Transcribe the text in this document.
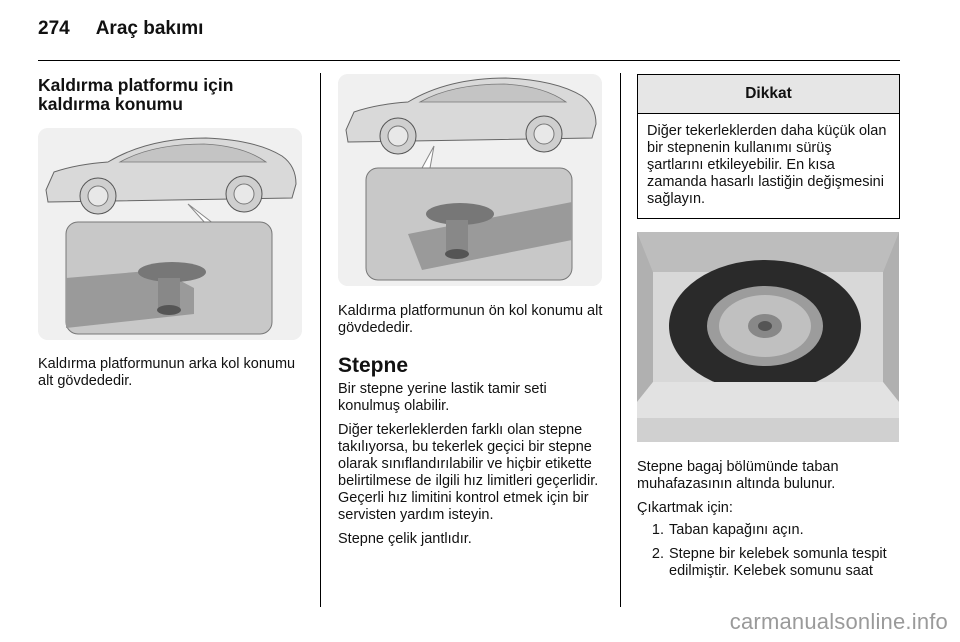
274 Araç bakımı
Kaldırma platformu için kaldırma konumu

Kaldırma platformunun arka kol konumu alt gövdededir.

Kaldırma platformunun ön kol konumu alt gövdededir.

Stepne

Bir stepne yerine lastik tamir seti konulmuş olabilir.

Diğer tekerleklerden farklı olan stepne takılıyorsa, bu tekerlek geçici bir stepne olarak sınıflandırılabilir ve hiçbir etikette belirtilmese de ilgili hız limitleri geçerlidir. Geçerli hız limitini kontrol etmek için bir servisten yardım isteyin.

Stepne çelik jantlıdır.

Dikkat
Diğer tekerleklerden daha küçük olan bir stepnenin kullanımı sürüş şartlarını etkileyebilir. En kısa zamanda hasarlı lastiğin değişmesini sağlayın.

Stepne bagaj bölümünde taban muhafazasının altında bulunur.

Çıkartmak için:

1. Taban kapağını açın.
2. Stepne bir kelebek somunla tespit edilmiştir. Kelebek somunu saat
carmanualsonline.info
